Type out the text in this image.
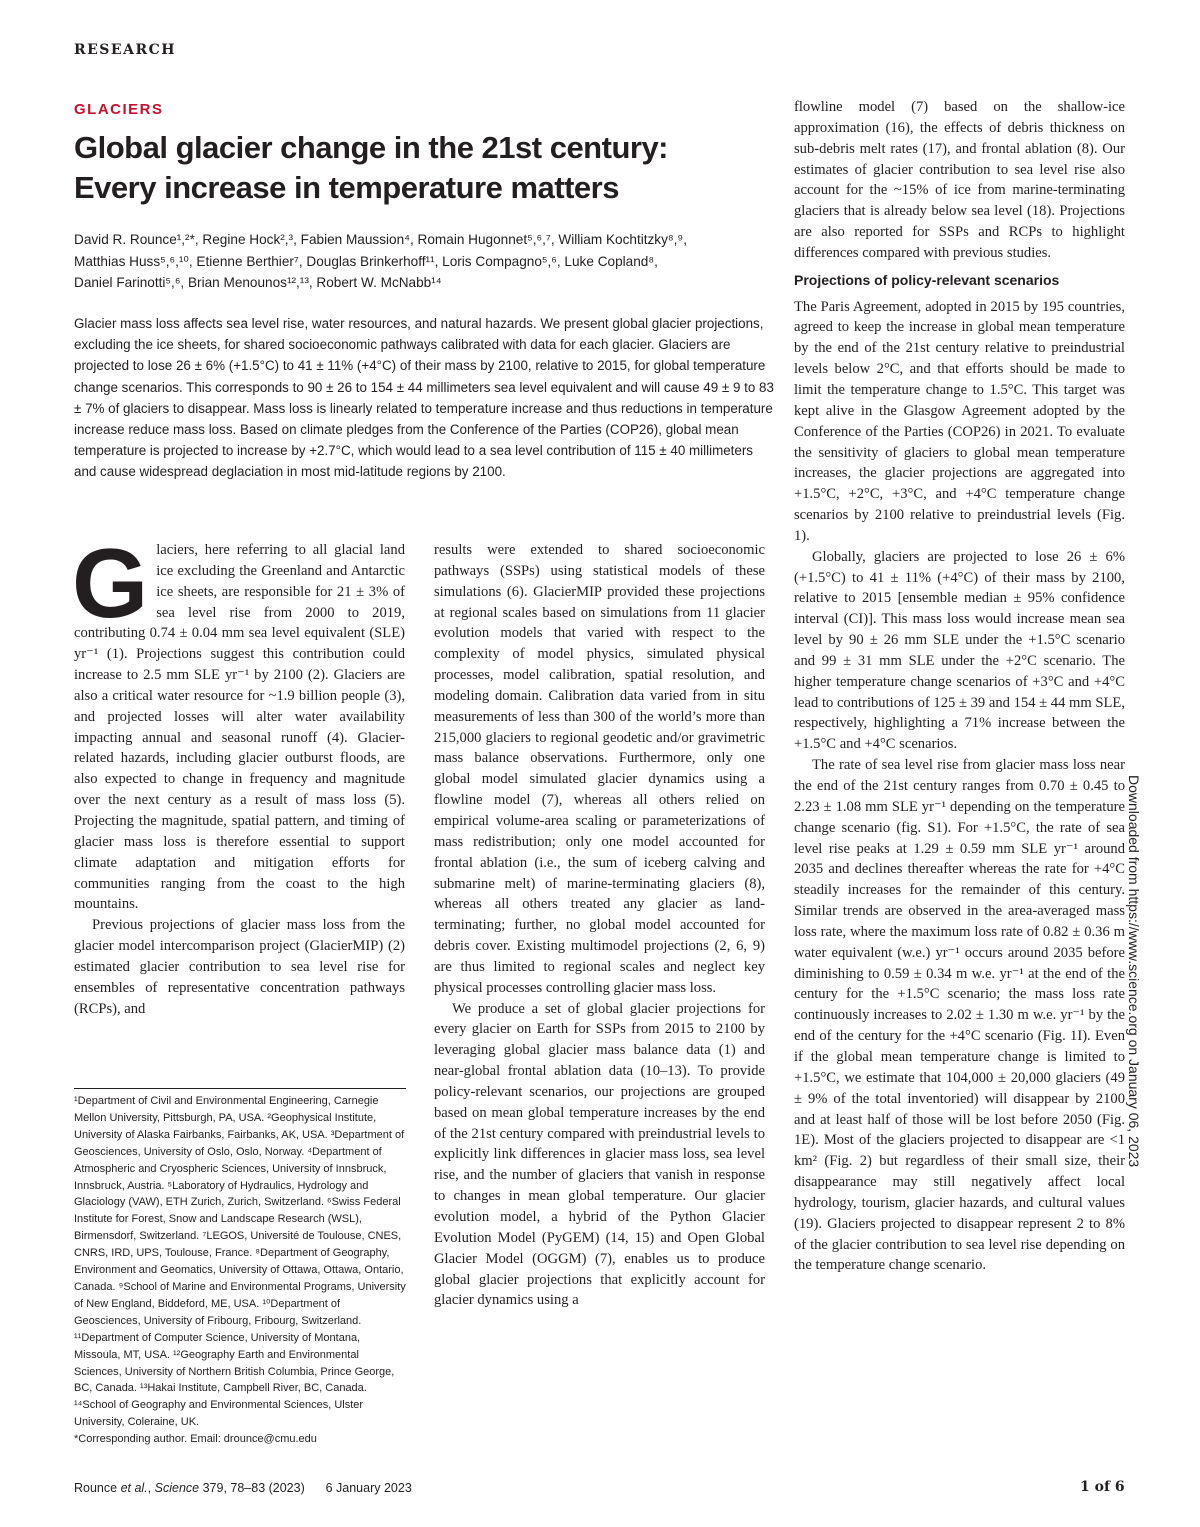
RESEARCH
GLACIERS
Global glacier change in the 21st century:
Every increase in temperature matters
David R. Rounce¹,²*, Regine Hock²,³, Fabien Maussion⁴, Romain Hugonnet⁵,⁶,⁷, William Kochtitzky⁸,⁹,
Matthias Huss⁵,⁶,¹⁰, Etienne Berthier⁷, Douglas Brinkerhoff¹¹, Loris Compagno⁵,⁶, Luke Copland⁸,
Daniel Farinotti⁵,⁶, Brian Menounos¹²,¹³, Robert W. McNabb¹⁴
Glacier mass loss affects sea level rise, water resources, and natural hazards. We present global glacier projections, excluding the ice sheets, for shared socioeconomic pathways calibrated with data for each glacier. Glaciers are projected to lose 26 ± 6% (+1.5°C) to 41 ± 11% (+4°C) of their mass by 2100, relative to 2015, for global temperature change scenarios. This corresponds to 90 ± 26 to 154 ± 44 millimeters sea level equivalent and will cause 49 ± 9 to 83 ± 7% of glaciers to disappear. Mass loss is linearly related to temperature increase and thus reductions in temperature increase reduce mass loss. Based on climate pledges from the Conference of the Parties (COP26), global mean temperature is projected to increase by +2.7°C, which would lead to a sea level contribution of 115 ± 40 millimeters and cause widespread deglaciation in most mid-latitude regions by 2100.

Glaciers, here referring to all glacial land ice excluding the Greenland and Antarctic ice sheets, are responsible for 21 ± 3% of sea level rise from 2000 to 2019, contributing 0.74 ± 0.04 mm sea level equivalent (SLE) yr⁻¹ (1). Projections suggest this contribution could increase to 2.5 mm SLE yr⁻¹ by 2100 (2). Glaciers are also a critical water resource for ~1.9 billion people (3), and projected losses will alter water availability impacting annual and seasonal runoff (4). Glacier-related hazards, including glacier outburst floods, are also expected to change in frequency and magnitude over the next century as a result of mass loss (5). Projecting the magnitude, spatial pattern, and timing of glacier mass loss is therefore essential to support climate adaptation and mitigation efforts for communities ranging from the coast to the high mountains.

Previous projections of glacier mass loss from the glacier model intercomparison project (GlacierMIP) (2) estimated glacier contribution to sea level rise for ensembles of representative concentration pathways (RCPs), and

¹Department of Civil and Environmental Engineering, Carnegie Mellon University, Pittsburgh, PA, USA. ²Geophysical Institute, University of Alaska Fairbanks, Fairbanks, AK, USA. ³Department of Geosciences, University of Oslo, Oslo, Norway. ⁴Department of Atmospheric and Cryospheric Sciences, University of Innsbruck, Innsbruck, Austria. ⁵Laboratory of Hydraulics, Hydrology and Glaciology (VAW), ETH Zurich, Zurich, Switzerland. ⁶Swiss Federal Institute for Forest, Snow and Landscape Research (WSL), Birmensdorf, Switzerland. ⁷LEGOS, Université de Toulouse, CNES, CNRS, IRD, UPS, Toulouse, France. ⁸Department of Geography, Environment and Geomatics, University of Ottawa, Ottawa, Ontario, Canada. ⁹School of Marine and Environmental Programs, University of New England, Biddeford, ME, USA. ¹⁰Department of Geosciences, University of Fribourg, Fribourg, Switzerland. ¹¹Department of Computer Science, University of Montana, Missoula, MT, USA. ¹²Geography Earth and Environmental Sciences, University of Northern British Columbia, Prince George, BC, Canada. ¹³Hakai Institute, Campbell River, BC, Canada. ¹⁴School of Geography and Environmental Sciences, Ulster University, Coleraine, UK.
*Corresponding author. Email: drounce@cmu.edu

results were extended to shared socioeconomic pathways (SSPs) using statistical models of these simulations (6). GlacierMIP provided these projections at regional scales based on simulations from 11 glacier evolution models that varied with respect to the complexity of model physics, simulated physical processes, model calibration, spatial resolution, and modeling domain. Calibration data varied from in situ measurements of less than 300 of the world’s more than 215,000 glaciers to regional geodetic and/or gravimetric mass balance observations. Furthermore, only one global model simulated glacier dynamics using a flowline model (7), whereas all others relied on empirical volume-area scaling or parameterizations of mass redistribution; only one model accounted for frontal ablation (i.e., the sum of iceberg calving and submarine melt) of marine-terminating glaciers (8), whereas all others treated any glacier as land-terminating; further, no global model accounted for debris cover. Existing multimodel projections (2, 6, 9) are thus limited to regional scales and neglect key physical processes controlling glacier mass loss.

We produce a set of global glacier projections for every glacier on Earth for SSPs from 2015 to 2100 by leveraging global glacier mass balance data (1) and near-global frontal ablation data (10–13). To provide policy-relevant scenarios, our projections are grouped based on mean global temperature increases by the end of the 21st century compared with preindustrial levels to explicitly link differences in glacier mass loss, sea level rise, and the number of glaciers that vanish in response to changes in mean global temperature. Our glacier evolution model, a hybrid of the Python Glacier Evolution Model (PyGEM) (14, 15) and Open Global Glacier Model (OGGM) (7), enables us to produce global glacier projections that explicitly account for glacier dynamics using a

flowline model (7) based on the shallow-ice approximation (16), the effects of debris thickness on sub-debris melt rates (17), and frontal ablation (8). Our estimates of glacier contribution to sea level rise also account for the ~15% of ice from marine-terminating glaciers that is already below sea level (18). Projections are also reported for SSPs and RCPs to highlight differences compared with previous studies.

Projections of policy-relevant scenarios

The Paris Agreement, adopted in 2015 by 195 countries, agreed to keep the increase in global mean temperature by the end of the 21st century relative to preindustrial levels below 2°C, and that efforts should be made to limit the temperature change to 1.5°C. This target was kept alive in the Glasgow Agreement adopted by the Conference of the Parties (COP26) in 2021. To evaluate the sensitivity of glaciers to global mean temperature increases, the glacier projections are aggregated into +1.5°C, +2°C, +3°C, and +4°C temperature change scenarios by 2100 relative to preindustrial levels (Fig. 1).

Globally, glaciers are projected to lose 26 ± 6% (+1.5°C) to 41 ± 11% (+4°C) of their mass by 2100, relative to 2015 [ensemble median ± 95% confidence interval (CI)]. This mass loss would increase mean sea level by 90 ± 26 mm SLE under the +1.5°C scenario and 99 ± 31 mm SLE under the +2°C scenario. The higher temperature change scenarios of +3°C and +4°C lead to contributions of 125 ± 39 and 154 ± 44 mm SLE, respectively, highlighting a 71% increase between the +1.5°C and +4°C scenarios.

The rate of sea level rise from glacier mass loss near the end of the 21st century ranges from 0.70 ± 0.45 to 2.23 ± 1.08 mm SLE yr⁻¹ depending on the temperature change scenario (fig. S1). For +1.5°C, the rate of sea level rise peaks at 1.29 ± 0.59 mm SLE yr⁻¹ around 2035 and declines thereafter whereas the rate for +4°C steadily increases for the remainder of this century. Similar trends are observed in the area-averaged mass loss rate, where the maximum loss rate of 0.82 ± 0.36 m water equivalent (w.e.) yr⁻¹ occurs around 2035 before diminishing to 0.59 ± 0.34 m w.e. yr⁻¹ at the end of the century for the +1.5°C scenario; the mass loss rate continuously increases to 2.02 ± 1.30 m w.e. yr⁻¹ by the end of the century for the +4°C scenario (Fig. 1I). Even if the global mean temperature change is limited to +1.5°C, we estimate that 104,000 ± 20,000 glaciers (49 ± 9% of the total inventoried) will disappear by 2100 and at least half of those will be lost before 2050 (Fig. 1E). Most of the glaciers projected to disappear are <1 km² (Fig. 2) but regardless of their small size, their disappearance may still negatively affect local hydrology, tourism, glacier hazards, and cultural values (19). Glaciers projected to disappear represent 2 to 8% of the glacier contribution to sea level rise depending on the temperature change scenario.

Downloaded from https://www.science.org on January 06, 2023
Rounce et al., Science 379, 78–83 (2023) 6 January 2023	1 of 6
